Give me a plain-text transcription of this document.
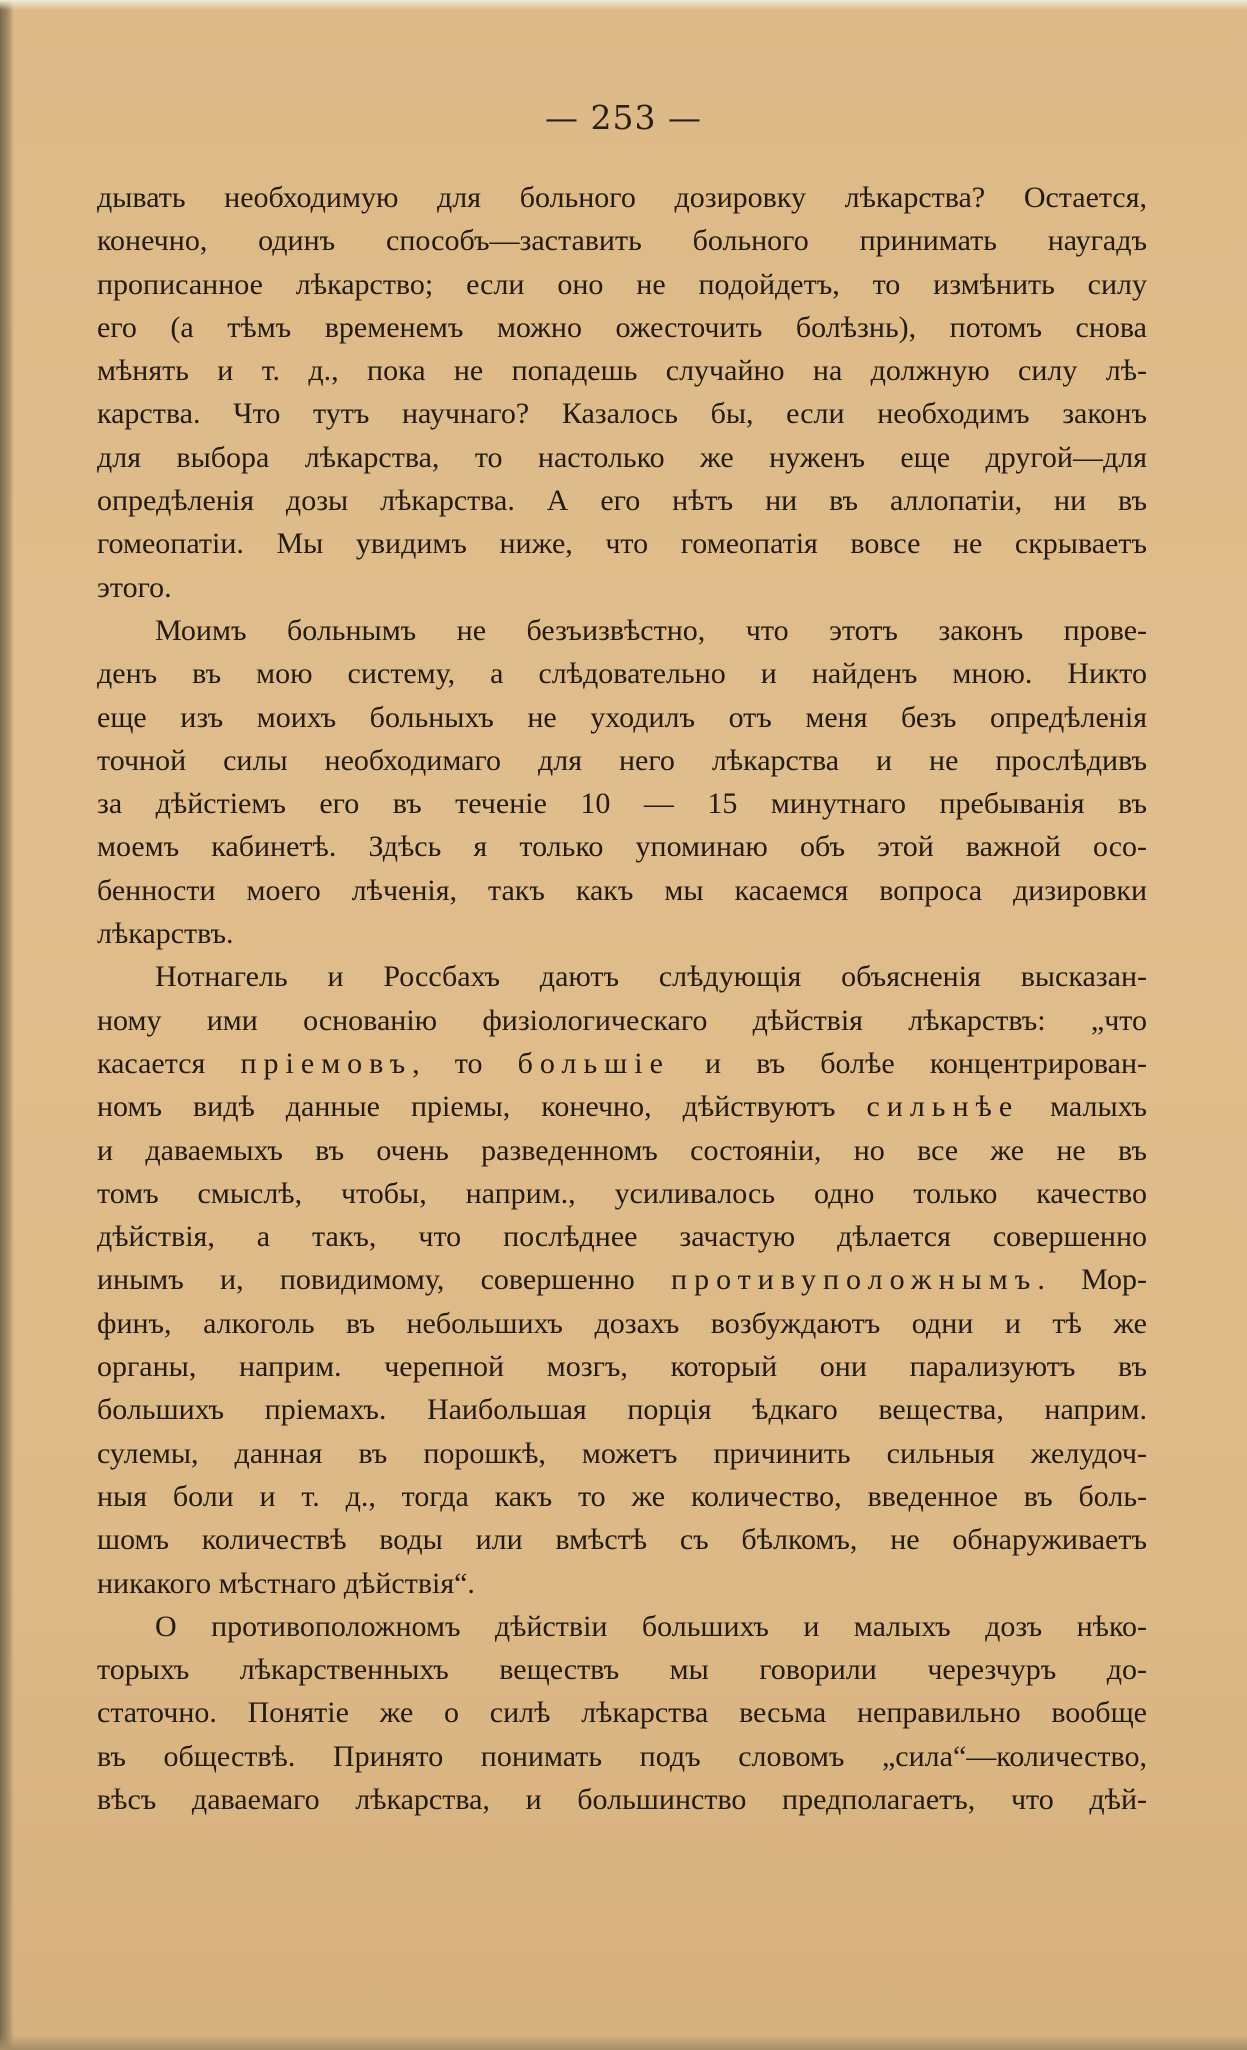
— 253 —
дывать необходимую для больного дозировку лѣкарства? Остается,
конечно, одинъ способъ—заставить больного принимать наугадъ
прописанное лѣкарство; если оно не подойдетъ, то измѣнить силу
его (а тѣмъ временемъ можно ожесточить болѣзнь), потомъ снова
мѣнять и т. д., пока не попадешь случайно на должную силу лѣ-
карства. Что тутъ научнаго? Казалось бы, если необходимъ законъ
для выбора лѣкарства, то настолько же нуженъ еще другой—для
опредѣленія дозы лѣкарства. А его нѣтъ ни въ аллопатіи, ни въ
гомеопатіи. Мы увидимъ ниже, что гомеопатія вовсе не скрываетъ
этого.
Моимъ больнымъ не безъизвѣстно, что этотъ законъ прове-
денъ въ мою систему, а слѣдовательно и найденъ мною. Никто
еще изъ моихъ больныхъ не уходилъ отъ меня безъ опредѣленія
точной силы необходимаго для него лѣкарства и не прослѣдивъ
за дѣйстіемъ его въ теченіе 10 — 15 минутнаго пребыванія въ
моемъ кабинетѣ. Здѣсь я только упоминаю объ этой важной осо-
бенности моего лѣченія, такъ какъ мы касаемся вопроса дизировки
лѣкарствъ.
Нотнагель и Россбахъ даютъ слѣдующія объясненія высказан-
ному ими основанію физіологическаго дѣйствія лѣкарствъ: „что
касается пріемовъ, то большіе и въ болѣе концентрирован-
номъ видѣ данные пріемы, конечно, дѣйствуютъ сильнѣе малыхъ
и даваемыхъ въ очень разведенномъ состояніи, но все же не въ
томъ смыслѣ, чтобы, наприм., усиливалось одно только качество
дѣйствія, а такъ, что послѣднее зачастую дѣлается совершенно
инымъ и, повидимому, совершенно противуположнымъ. Мор-
финъ, алкоголь въ небольшихъ дозахъ возбуждаютъ одни и тѣ же
органы, наприм. черепной мозгъ, который они парализуютъ въ
большихъ пріемахъ. Наибольшая порція ѣдкаго вещества, наприм.
сулемы, данная въ порошкѣ, можетъ причинить сильныя желудоч-
ныя боли и т. д., тогда какъ то же количество, введенное въ боль-
шомъ количествѣ воды или вмѣстѣ съ бѣлкомъ, не обнаруживаетъ
никакого мѣстнаго дѣйствія“.
О противоположномъ дѣйствіи большихъ и малыхъ дозъ нѣко-
торыхъ лѣкарственныхъ веществъ мы говорили черезчуръ до-
статочно. Понятіе же о силѣ лѣкарства весьма неправильно вообще
въ обществѣ. Принято понимать подъ словомъ „сила“—количество,
вѣсъ даваемаго лѣкарства, и большинство предполагаетъ, что дѣй-
